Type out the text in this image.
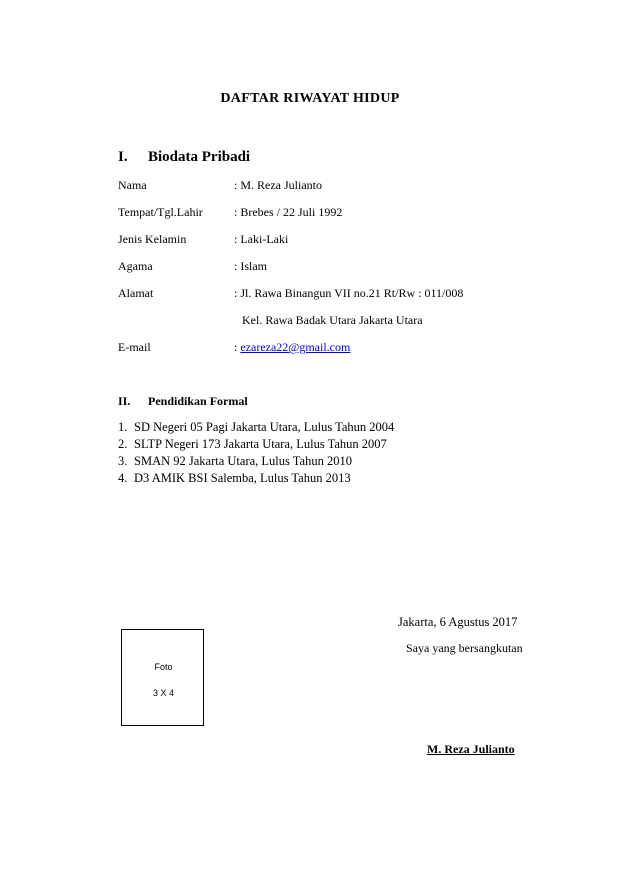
DAFTAR RIWAYAT HIDUP
I. Biodata Pribadi
Nama	: M. Reza Julianto
Tempat/Tgl.Lahir	: Brebes / 22 Juli 1992
Jenis Kelamin	: Laki-Laki
Agama	: Islam
Alamat	: Jl. Rawa Binangun VII no.21 Rt/Rw : 011/008
Kel. Rawa Badak Utara Jakarta Utara
E-mail	: ezareza22@gmail.com
II. Pendidikan Formal
1. SD Negeri 05 Pagi Jakarta Utara, Lulus Tahun 2004
2. SLTP Negeri 173 Jakarta Utara, Lulus Tahun 2007
3. SMAN 92 Jakarta Utara, Lulus Tahun 2010
4. D3 AMIK BSI Salemba, Lulus Tahun 2013
Jakarta, 6 Agustus 2017
Saya yang bersangkutan
Foto
3 X 4
M. Reza Julianto
